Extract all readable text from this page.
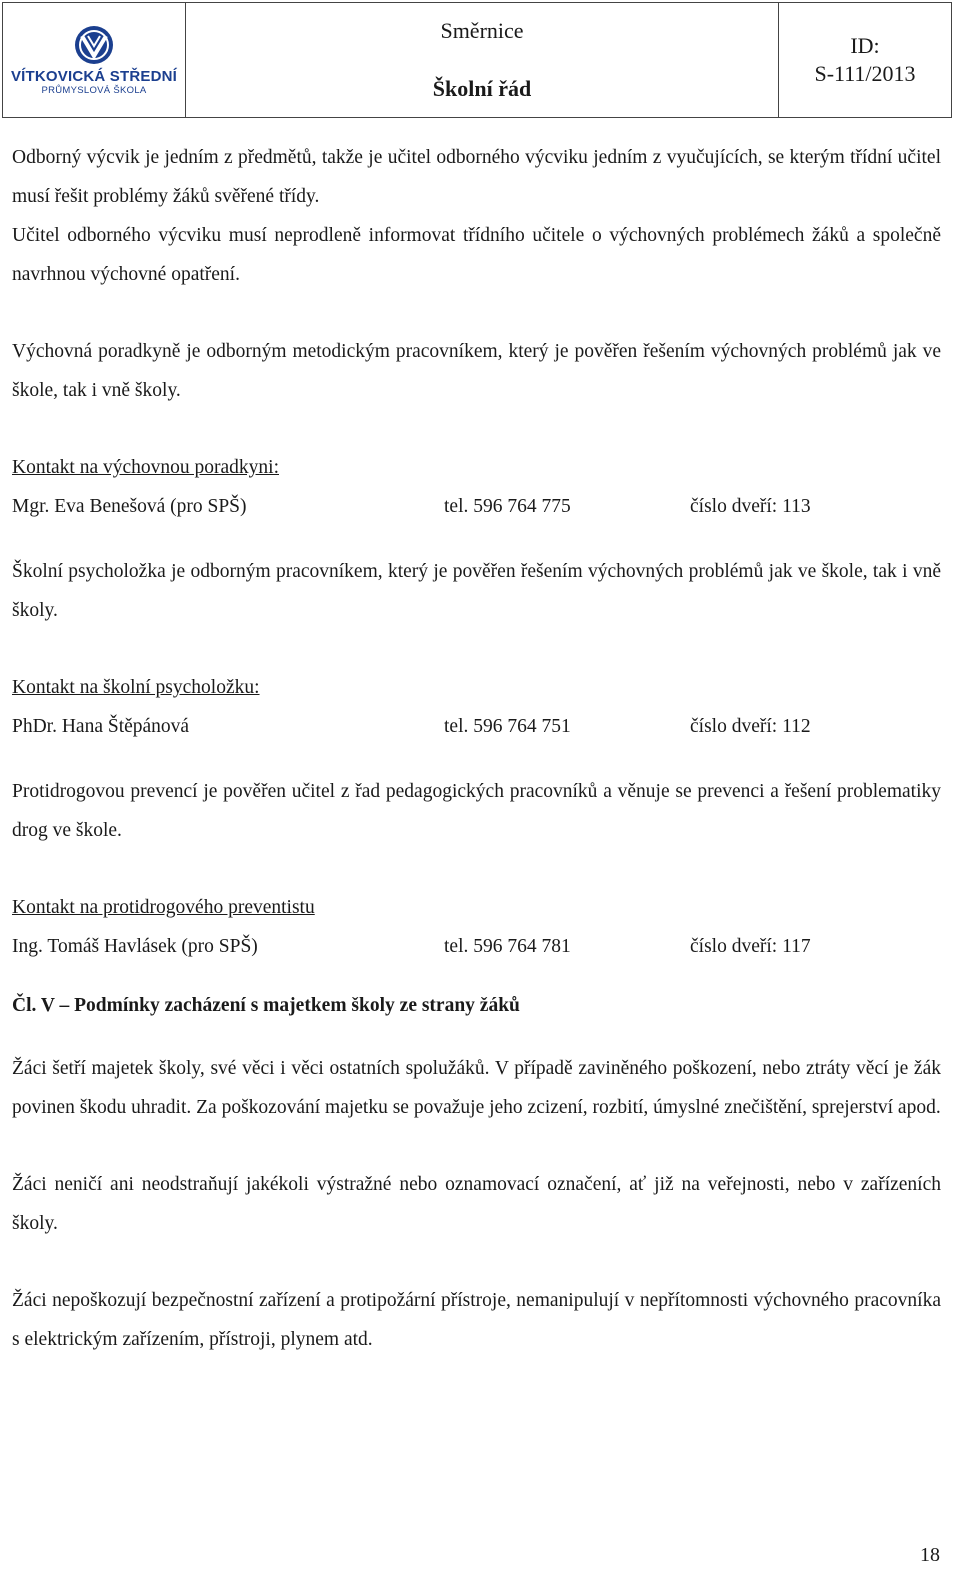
VÍTKOVICKÁ STŘEDNÍ
PRŮMYSLOVÁ ŠKOLA

Směrnice
Školní řád

ID:
S-111/2013

Odborný výcvik je jedním z předmětů, takže je učitel odborného výcviku jedním z vyučujících, se kterým třídní učitel musí řešit problémy žáků svěřené třídy.

Učitel odborného výcviku musí neprodleně informovat třídního učitele o výchovných problémech žáků a společně navrhnou výchovné opatření.

Výchovná poradkyně je odborným metodickým pracovníkem, který je pověřen řešením výchovných problémů jak ve škole, tak i vně školy.

Kontakt na výchovnou poradkyni:

Mgr. Eva Benešová (pro SPŠ)	tel. 596 764 775	číslo dveří: 113

Školní psycholožka je odborným pracovníkem, který je pověřen řešením výchovných problémů jak ve škole, tak i vně školy.

Kontakt na školní psycholožku:

PhDr. Hana Štěpánová	tel. 596 764 751	číslo dveří: 112

Protidrogovou prevencí je pověřen učitel z řad pedagogických pracovníků a věnuje se prevenci a řešení problematiky drog ve škole.

Kontakt na protidrogového preventistu

Ing. Tomáš Havlásek (pro SPŠ)	tel. 596 764 781	číslo dveří: 117
Čl. V – Podmínky zacházení s majetkem školy ze strany žáků

Žáci šetří majetek školy, své věci i věci ostatních spolužáků. V případě zaviněného poškození, nebo ztráty věcí je žák povinen škodu uhradit. Za poškozování majetku se považuje jeho zcizení, rozbití, úmyslné znečištění, sprejerství apod.

Žáci neničí ani neodstraňují jakékoli výstražné nebo oznamovací označení, ať již na veřejnosti, nebo v zařízeních školy.

Žáci nepoškozují bezpečnostní zařízení a protipožární přístroje, nemanipulují v nepřítomnosti výchovného pracovníka s elektrickým zařízením, přístroji, plynem atd.

18
